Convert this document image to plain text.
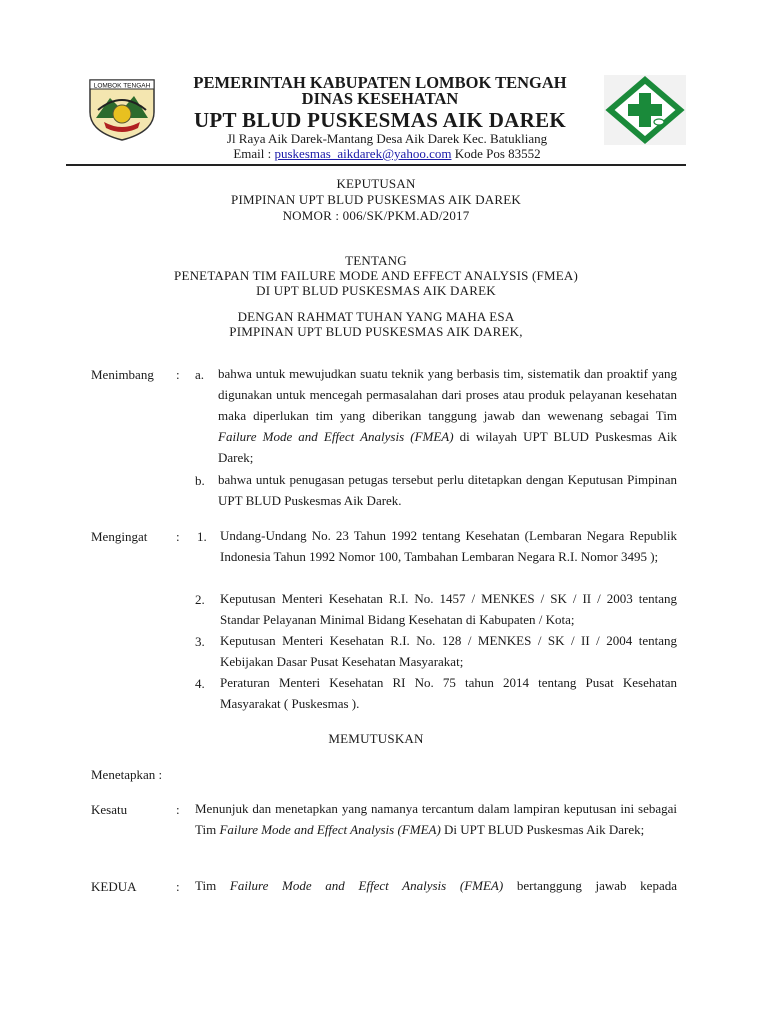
LOMBOK TENGAH	PEMERINTAH KABUPATEN LOMBOK TENGAH
DINAS KESEHATAN
UPT BLUD PUSKESMAS AIK DAREK
Jl Raya Aik Darek-Mantang Desa Aik Darek Kec. Batukliang
Email : puskesmas_aikdarek@yahoo.com Kode Pos 83552
KEPUTUSAN
PIMPINAN UPT BLUD PUSKESMAS AIK DAREK
NOMOR : 006/SK/PKM.AD/2017
TENTANG
PENETAPAN TIM FAILURE MODE AND EFFECT ANALYSIS (FMEA)
DI UPT BLUD PUSKESMAS AIK DAREK
DENGAN RAHMAT TUHAN YANG MAHA ESA
PIMPINAN UPT BLUD PUSKESMAS AIK DAREK,
Menimbang : a. bahwa untuk mewujudkan suatu teknik yang berbasis tim, sistematik dan proaktif yang digunakan untuk mencegah permasalahan dari proses atau produk pelayanan kesehatan maka diperlukan tim yang diberikan tanggung jawab dan wewenang sebagai Tim Failure Mode and Effect Analysis (FMEA) di wilayah UPT BLUD Puskesmas Aik Darek;
b. bahwa untuk penugasan petugas tersebut perlu ditetapkan dengan Keputusan Pimpinan UPT BLUD Puskesmas Aik Darek.
Mengingat : 1. Undang-Undang No. 23 Tahun 1992 tentang Kesehatan (Lembaran Negara Republik Indonesia Tahun 1992 Nomor 100, Tambahan Lembaran Negara R.I. Nomor 3495 );
2. Keputusan Menteri Kesehatan R.I. No. 1457 / MENKES / SK / II / 2003 tentang Standar Pelayanan Minimal Bidang Kesehatan di Kabupaten / Kota;
3. Keputusan Menteri Kesehatan R.I. No. 128 / MENKES / SK / II / 2004 tentang Kebijakan Dasar Pusat Kesehatan Masyarakat;
4. Peraturan Menteri Kesehatan RI No. 75 tahun 2014 tentang Pusat Kesehatan Masyarakat ( Puskesmas ).
MEMUTUSKAN
Menetapkan :
Kesatu	: Menunjuk dan menetapkan yang namanya tercantum dalam lampiran keputusan ini sebagai Tim Failure Mode and Effect Analysis (FMEA) Di UPT BLUD Puskesmas Aik Darek;
KEDUA	: Tim Failure Mode and Effect Analysis (FMEA) bertanggung jawab kepada
